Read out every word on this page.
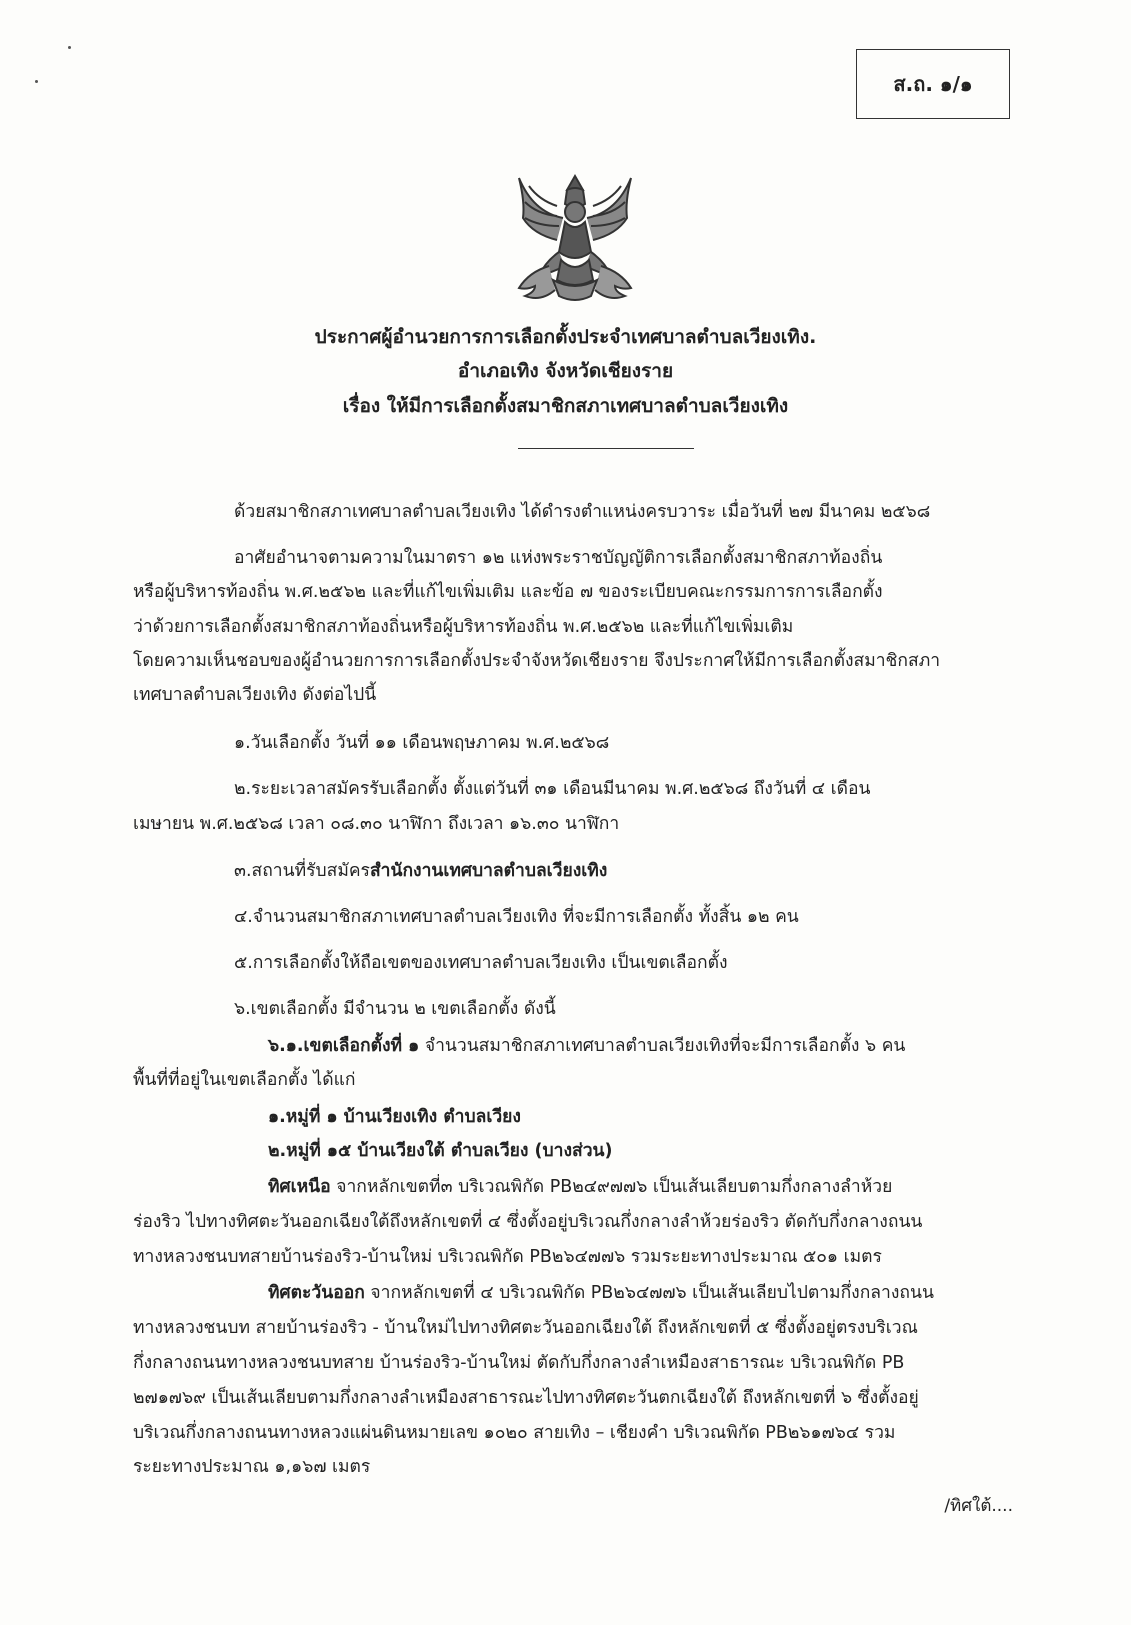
ส.ถ. ๑/๑
ประกาศผู้อำนวยการการเลือกตั้งประจำเทศบาลตำบลเวียงเทิง.
อำเภอเทิง จังหวัดเชียงราย
เรื่อง ให้มีการเลือกตั้งสมาชิกสภาเทศบาลตำบลเวียงเทิง
ด้วยสมาชิกสภาเทศบาลตำบลเวียงเทิง ได้ดำรงตำแหน่งครบวาระ เมื่อวันที่ ๒๗ มีนาคม ๒๕๖๘
อาศัยอำนาจตามความในมาตรา ๑๒ แห่งพระราชบัญญัติการเลือกตั้งสมาชิกสภาท้องถิ่น
หรือผู้บริหารท้องถิ่น พ.ศ.๒๕๖๒ และที่แก้ไขเพิ่มเติม และข้อ ๗ ของระเบียบคณะกรรมการการเลือกตั้ง
ว่าด้วยการเลือกตั้งสมาชิกสภาท้องถิ่นหรือผู้บริหารท้องถิ่น พ.ศ.๒๕๖๒ และที่แก้ไขเพิ่มเติม
โดยความเห็นชอบของผู้อำนวยการการเลือกตั้งประจำจังหวัดเชียงราย จึงประกาศให้มีการเลือกตั้งสมาชิกสภา
เทศบาลตำบลเวียงเทิง ดังต่อไปนี้
๑.วันเลือกตั้ง วันที่ ๑๑ เดือนพฤษภาคม พ.ศ.๒๕๖๘
๒.ระยะเวลาสมัครรับเลือกตั้ง ตั้งแต่วันที่ ๓๑ เดือนมีนาคม พ.ศ.๒๕๖๘ ถึงวันที่ ๔ เดือน
เมษายน พ.ศ.๒๕๖๘ เวลา ๐๘.๓๐ นาฬิกา ถึงเวลา ๑๖.๓๐ นาฬิกา
๓.สถานที่รับสมัครสำนักงานเทศบาลตำบลเวียงเทิง
๔.จำนวนสมาชิกสภาเทศบาลตำบลเวียงเทิง ที่จะมีการเลือกตั้ง ทั้งสิ้น ๑๒ คน
๕.การเลือกตั้งให้ถือเขตของเทศบาลตำบลเวียงเทิง เป็นเขตเลือกตั้ง
๖.เขตเลือกตั้ง มีจำนวน ๒ เขตเลือกตั้ง ดังนี้
๖.๑.เขตเลือกตั้งที่ ๑ จำนวนสมาชิกสภาเทศบาลตำบลเวียงเทิงที่จะมีการเลือกตั้ง ๖ คน
พื้นที่ที่อยู่ในเขตเลือกตั้ง ได้แก่
๑.หมู่ที่ ๑ บ้านเวียงเทิง ตำบลเวียง
๒.หมู่ที่ ๑๕ บ้านเวียงใต้ ตำบลเวียง (บางส่วน)
ทิศเหนือ จากหลักเขตที่๓ บริเวณพิกัด PB๒๔๙๗๗๖ เป็นเส้นเลียบตามกึ่งกลางลำห้วย
ร่องริว ไปทางทิศตะวันออกเฉียงใต้ถึงหลักเขตที่ ๔ ซึ่งตั้งอยู่บริเวณกึ่งกลางลำห้วยร่องริว ตัดกับกึ่งกลางถนน
ทางหลวงชนบทสายบ้านร่องริว-บ้านใหม่ บริเวณพิกัด PB๒๖๔๗๗๖ รวมระยะทางประมาณ ๕๐๑ เมตร
ทิศตะวันออก จากหลักเขตที่ ๔ บริเวณพิกัด PB๒๖๔๗๗๖ เป็นเส้นเลียบไปตามกึ่งกลางถนน
ทางหลวงชนบท สายบ้านร่องริว - บ้านใหม่ไปทางทิศตะวันออกเฉียงใต้ ถึงหลักเขตที่ ๕ ซึ่งตั้งอยู่ตรงบริเวณ
กึ่งกลางถนนทางหลวงชนบทสาย บ้านร่องริว-บ้านใหม่ ตัดกับกึ่งกลางลำเหมืองสาธารณะ บริเวณพิกัด PB
๒๗๑๗๖๙ เป็นเส้นเลียบตามกึ่งกลางลำเหมืองสาธารณะไปทางทิศตะวันตกเฉียงใต้ ถึงหลักเขตที่ ๖ ซึ่งตั้งอยู่
บริเวณกึ่งกลางถนนทางหลวงแผ่นดินหมายเลข ๑๐๒๐ สายเทิง – เชียงคำ บริเวณพิกัด PB๒๖๑๗๖๔ รวม
ระยะทางประมาณ ๑,๑๖๗ เมตร
/ทิศใต้....
